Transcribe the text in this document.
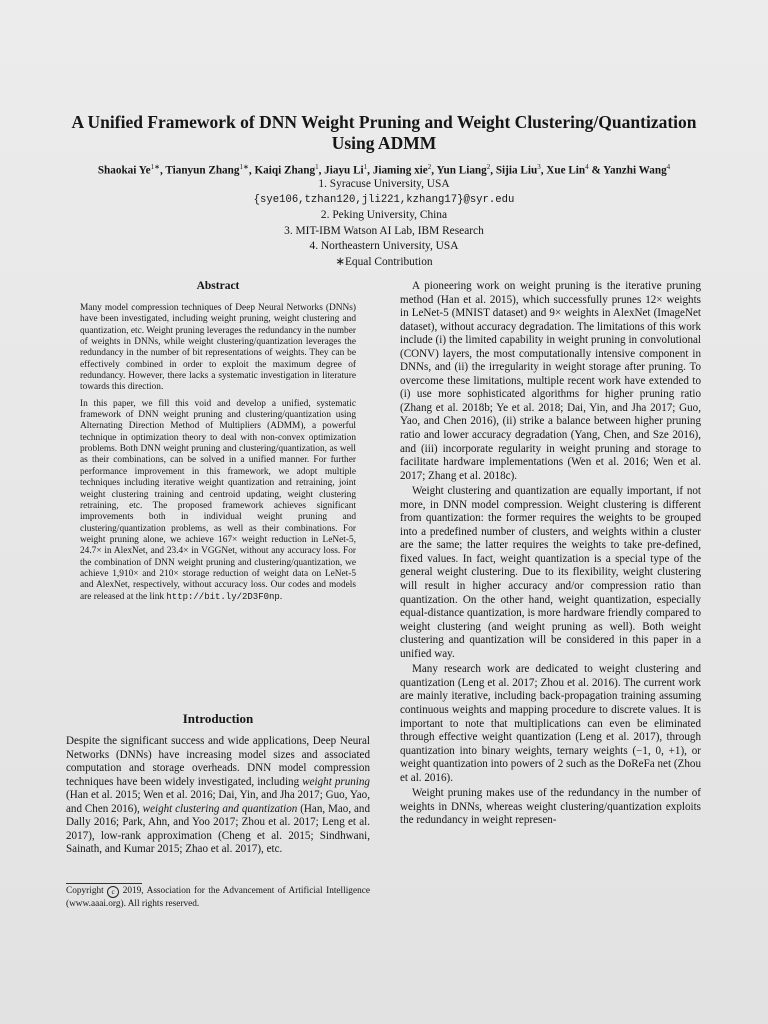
A Unified Framework of DNN Weight Pruning and Weight Clustering/Quantization Using ADMM
Shaokai $Ye^{1∗}$, Tianyun Zhang$^{1∗}$, Kaiqi Zhang$^1$, Jiayu Li$^1$, Jiaming xie$^2$, Yun Liang$^2$, Sijia Liu$^3$, Xue Lin$^4$ & Yanzhi Wang$^4$
1. Syracuse University, USA
{sye106,tzhan120,jli221,kzhang17}@syr.edu
2. Peking University, China
3. MIT-IBM Watson AI Lab, IBM Research
4. Northeastern University, USA
∗Equal Contribution
Abstract

Many model compression techniques of Deep Neural Networks (DNNs) have been investigated, including weight pruning, weight clustering and quantization, etc. Weight pruning leverages the redundancy in the number of weights in DNNs, while weight clustering/quantization leverages the redundancy in the number of bit representations of weights. They can be effectively combined in order to exploit the maximum degree of redundancy. However, there lacks a systematic investigation in literature towards this direction.

In this paper, we fill this void and develop a unified, systematic framework of DNN weight pruning and clustering/quantization using Alternating Direction Method of Multipliers (ADMM), a powerful technique in optimization theory to deal with non-convex optimization problems. Both DNN weight pruning and clustering/quantization, as well as their combinations, can be solved in a unified manner. For further performance improvement in this framework, we adopt multiple techniques including iterative weight quantization and retraining, joint weight clustering training and centroid updating, weight clustering retraining, etc. The proposed framework achieves significant improvements both in individual weight pruning and clustering/quantization problems, as well as their combinations. For weight pruning alone, we achieve 167× weight reduction in LeNet-5, 24.7× in AlexNet, and 23.4× in VGGNet, without any accuracy loss. For the combination of DNN weight pruning and clustering/quantization, we achieve 1,910× and 210× storage reduction of weight data on LeNet-5 and AlexNet, respectively, without accuracy loss. Our codes and models are released at the link http://bit.ly/2D3F0np.

Introduction

Despite the significant success and wide applications, Deep Neural Networks (DNNs) have increasing model sizes and associated computation and storage overheads. DNN model compression techniques have been widely investigated, including weight pruning (Han et al. 2015; Wen et al. 2016; Dai, Yin, and Jha 2017; Guo, Yao, and Chen 2016), weight clustering and quantization (Han, Mao, and Dally 2016; Park, Ahn, and Yoo 2017; Zhou et al. 2017; Leng et al. 2017), low-rank approximation (Cheng et al. 2015; Sindhwani, Sainath, and Kumar 2015; Zhao et al. 2017), etc.

Copyright c 2019, Association for the Advancement of Artificial Intelligence (www.aaai.org). All rights reserved.

A pioneering work on weight pruning is the iterative pruning method (Han et al. 2015), which successfully prunes 12× weights in LeNet-5 (MNIST dataset) and 9× weights in AlexNet (ImageNet dataset), without accuracy degradation. The limitations of this work include (i) the limited capability in weight pruning in convolutional (CONV) layers, the most computationally intensive component in DNNs, and (ii) the irregularity in weight storage after pruning. To overcome these limitations, multiple recent work have extended to (i) use more sophisticated algorithms for higher pruning ratio (Zhang et al. 2018b; Ye et al. 2018; Dai, Yin, and Jha 2017; Guo, Yao, and Chen 2016), (ii) strike a balance between higher pruning ratio and lower accuracy degradation (Yang, Chen, and Sze 2016), and (iii) incorporate regularity in weight pruning and storage to facilitate hardware implementations (Wen et al. 2016; Wen et al. 2017; Zhang et al. 2018c).

Weight clustering and quantization are equally important, if not more, in DNN model compression. Weight clustering is different from quantization: the former requires the weights to be grouped into a predefined number of clusters, and weights within a cluster are the same; the latter requires the weights to take pre-defined, fixed values. In fact, weight quantization is a special type of the general weight clustering. Due to its flexibility, weight clustering will result in higher accuracy and/or compression ratio than quantization. On the other hand, weight quantization, especially equal-distance quantization, is more hardware friendly compared to weight clustering (and weight pruning as well). Both weight clustering and quantization will be considered in this paper in a unified way.

Many research work are dedicated to weight clustering and quantization (Leng et al. 2017; Zhou et al. 2016). The current work are mainly iterative, including back-propagation training assuming continuous weights and mapping procedure to discrete values. It is important to note that multiplications can even be eliminated through effective weight quantization (Leng et al. 2017), through quantization into binary weights, ternary weights (−1, 0, +1), or weight quantization into powers of 2 such as the DoReFa net (Zhou et al. 2016).

Weight pruning makes use of the redundancy in the number of weights in DNNs, whereas weight clustering/quantization exploits the redundancy in weight represen-
